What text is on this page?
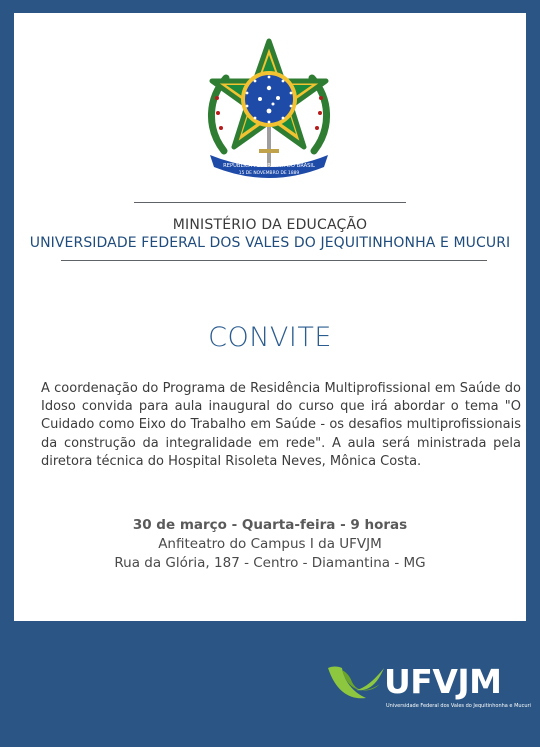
REPÚBLICA FEDERATIVA DO BRASIL
15 DE NOVEMBRO DE 1889
MINISTÉRIO DA EDUCAÇÃO
UNIVERSIDADE FEDERAL DOS VALES DO JEQUITINHONHA E MUCURI
CONVITE
A coordenação do Programa de Residência Multiprofissional em Saúde do Idoso convida para aula inaugural do curso que irá abordar o tema "O Cuidado como Eixo do Trabalho em Saúde - os desafios multiprofissionais da construção da integralidade em rede". A aula será ministrada pela diretora técnica do Hospital Risoleta Neves, Mônica Costa.
30 de março - Quarta-feira - 9 horas
Anfiteatro do Campus I da UFVJM
Rua da Glória, 187 - Centro - Diamantina - MG
UFVJM
Universidade Federal dos Vales do Jequitinhonha e Mucuri
